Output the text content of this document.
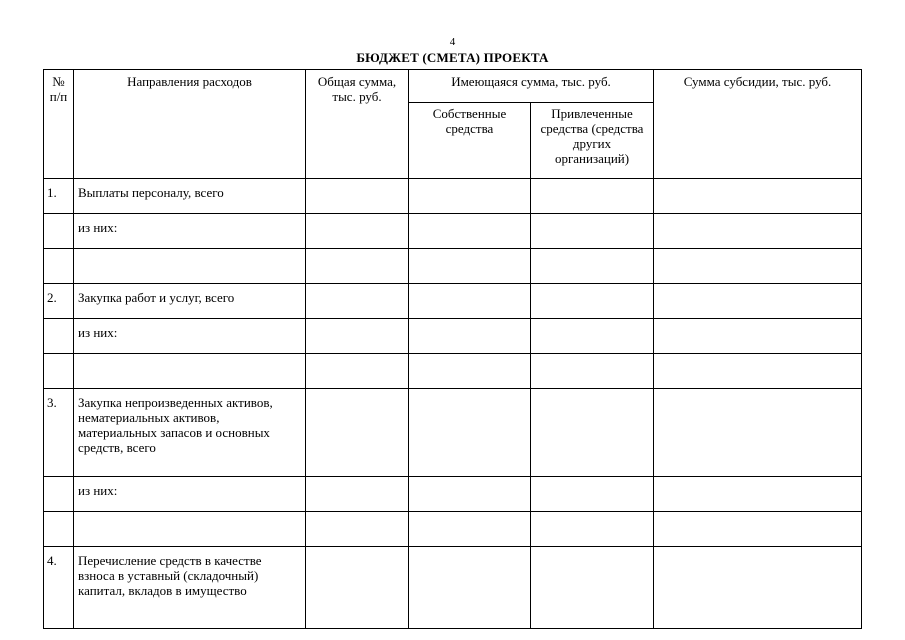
4
БЮДЖЕТ (СМЕТА) ПРОЕКТА
№ п/п	Направления расходов	Общая сумма, тыс. руб.	Имеющаяся сумма, тыс. руб.		Сумма субсидии, тыс. руб.
			Собственные средства	Привлеченные средства (средства других организаций)	
1.	Выплаты персоналу, всего				
	из них:				

2.	Закупка работ и услуг, всего				
	из них:				

3.	Закупка непроизведенных активов, нематериальных активов, материальных запасов и основных средств, всего				
	из них:				

4.	Перечисление средств в качестве взноса в уставный (складочный) капитал, вкладов в имущество				
